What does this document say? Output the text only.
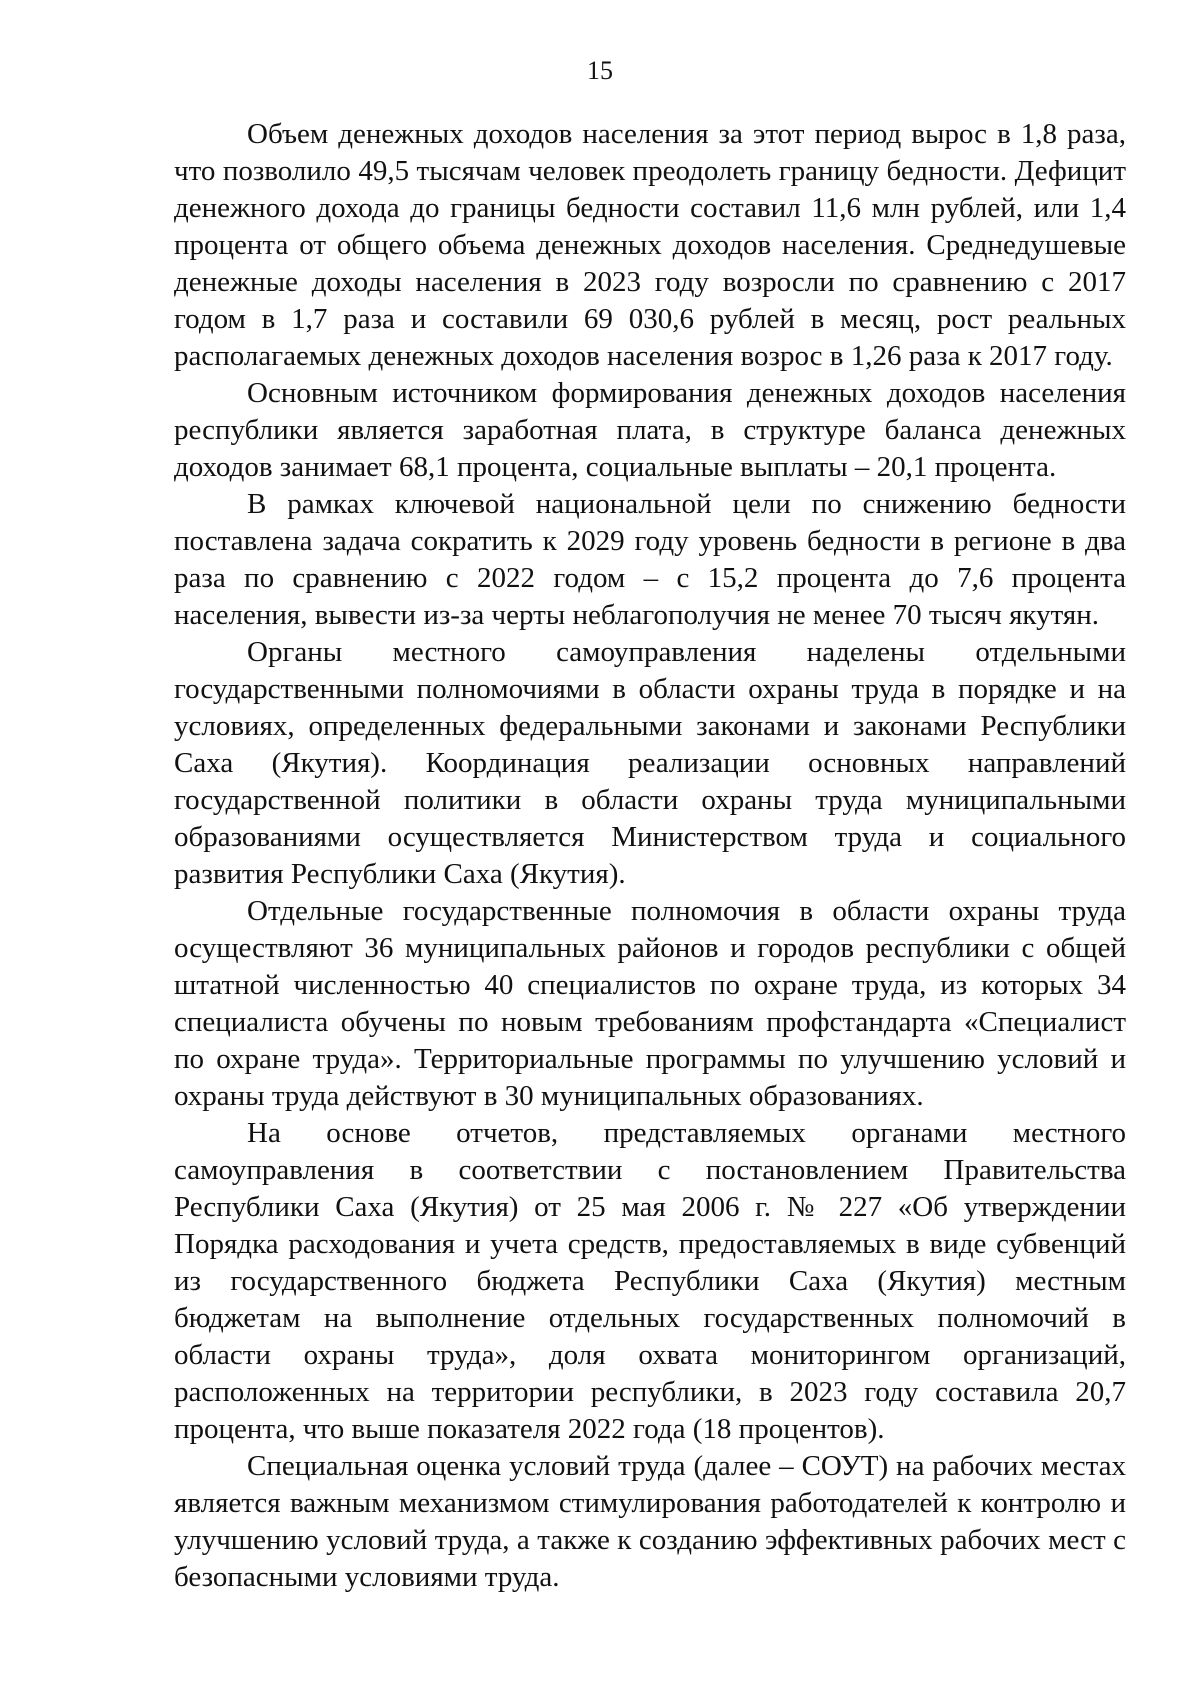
15

Объем денежных доходов населения за этот период вырос в 1,8 раза, что позволило 49,5 тысячам человек преодолеть границу бедности. Дефицит денежного дохода до границы бедности составил 11,6 млн рублей, или 1,4 процента от общего объема денежных доходов населения. Среднедушевые денежные доходы населения в 2023 году возросли по сравнению с 2017 годом в 1,7 раза и составили 69 030,6 рублей в месяц, рост реальных располагаемых денежных доходов населения возрос в 1,26 раза к 2017 году.

Основным источником формирования денежных доходов населения республики является заработная плата, в структуре баланса денежных доходов занимает 68,1 процента, социальные выплаты – 20,1 процента.

В рамках ключевой национальной цели по снижению бедности поставлена задача сократить к 2029 году уровень бедности в регионе в два раза по сравнению с 2022 годом – с 15,2 процента до 7,6 процента населения, вывести из-за черты неблагополучия не менее 70 тысяч якутян.

Органы местного самоуправления наделены отдельными государственными полномочиями в области охраны труда в порядке и на условиях, определенных федеральными законами и законами Республики Саха (Якутия). Координация реализации основных направлений государственной политики в области охраны труда муниципальными образованиями осуществляется Министерством труда и социального развития Республики Саха (Якутия).

Отдельные государственные полномочия в области охраны труда осуществляют 36 муниципальных районов и городов республики с общей штатной численностью 40 специалистов по охране труда, из которых 34 специалиста обучены по новым требованиям профстандарта «Специалист по охране труда». Территориальные программы по улучшению условий и охраны труда действуют в 30 муниципальных образованиях.

На основе отчетов, представляемых органами местного самоуправления в соответствии с постановлением Правительства Республики Саха (Якутия) от 25 мая 2006 г. № 227 «Об утверждении Порядка расходования и учета средств, предоставляемых в виде субвенций из государственного бюджета Республики Саха (Якутия) местным бюджетам на выполнение отдельных государственных полномочий в области охраны труда», доля охвата мониторингом организаций, расположенных на территории республики, в 2023 году составила 20,7 процента, что выше показателя 2022 года (18 процентов).

Специальная оценка условий труда (далее – СОУТ) на рабочих местах является важным механизмом стимулирования работодателей к контролю и улучшению условий труда, а также к созданию эффективных рабочих мест с безопасными условиями труда.
